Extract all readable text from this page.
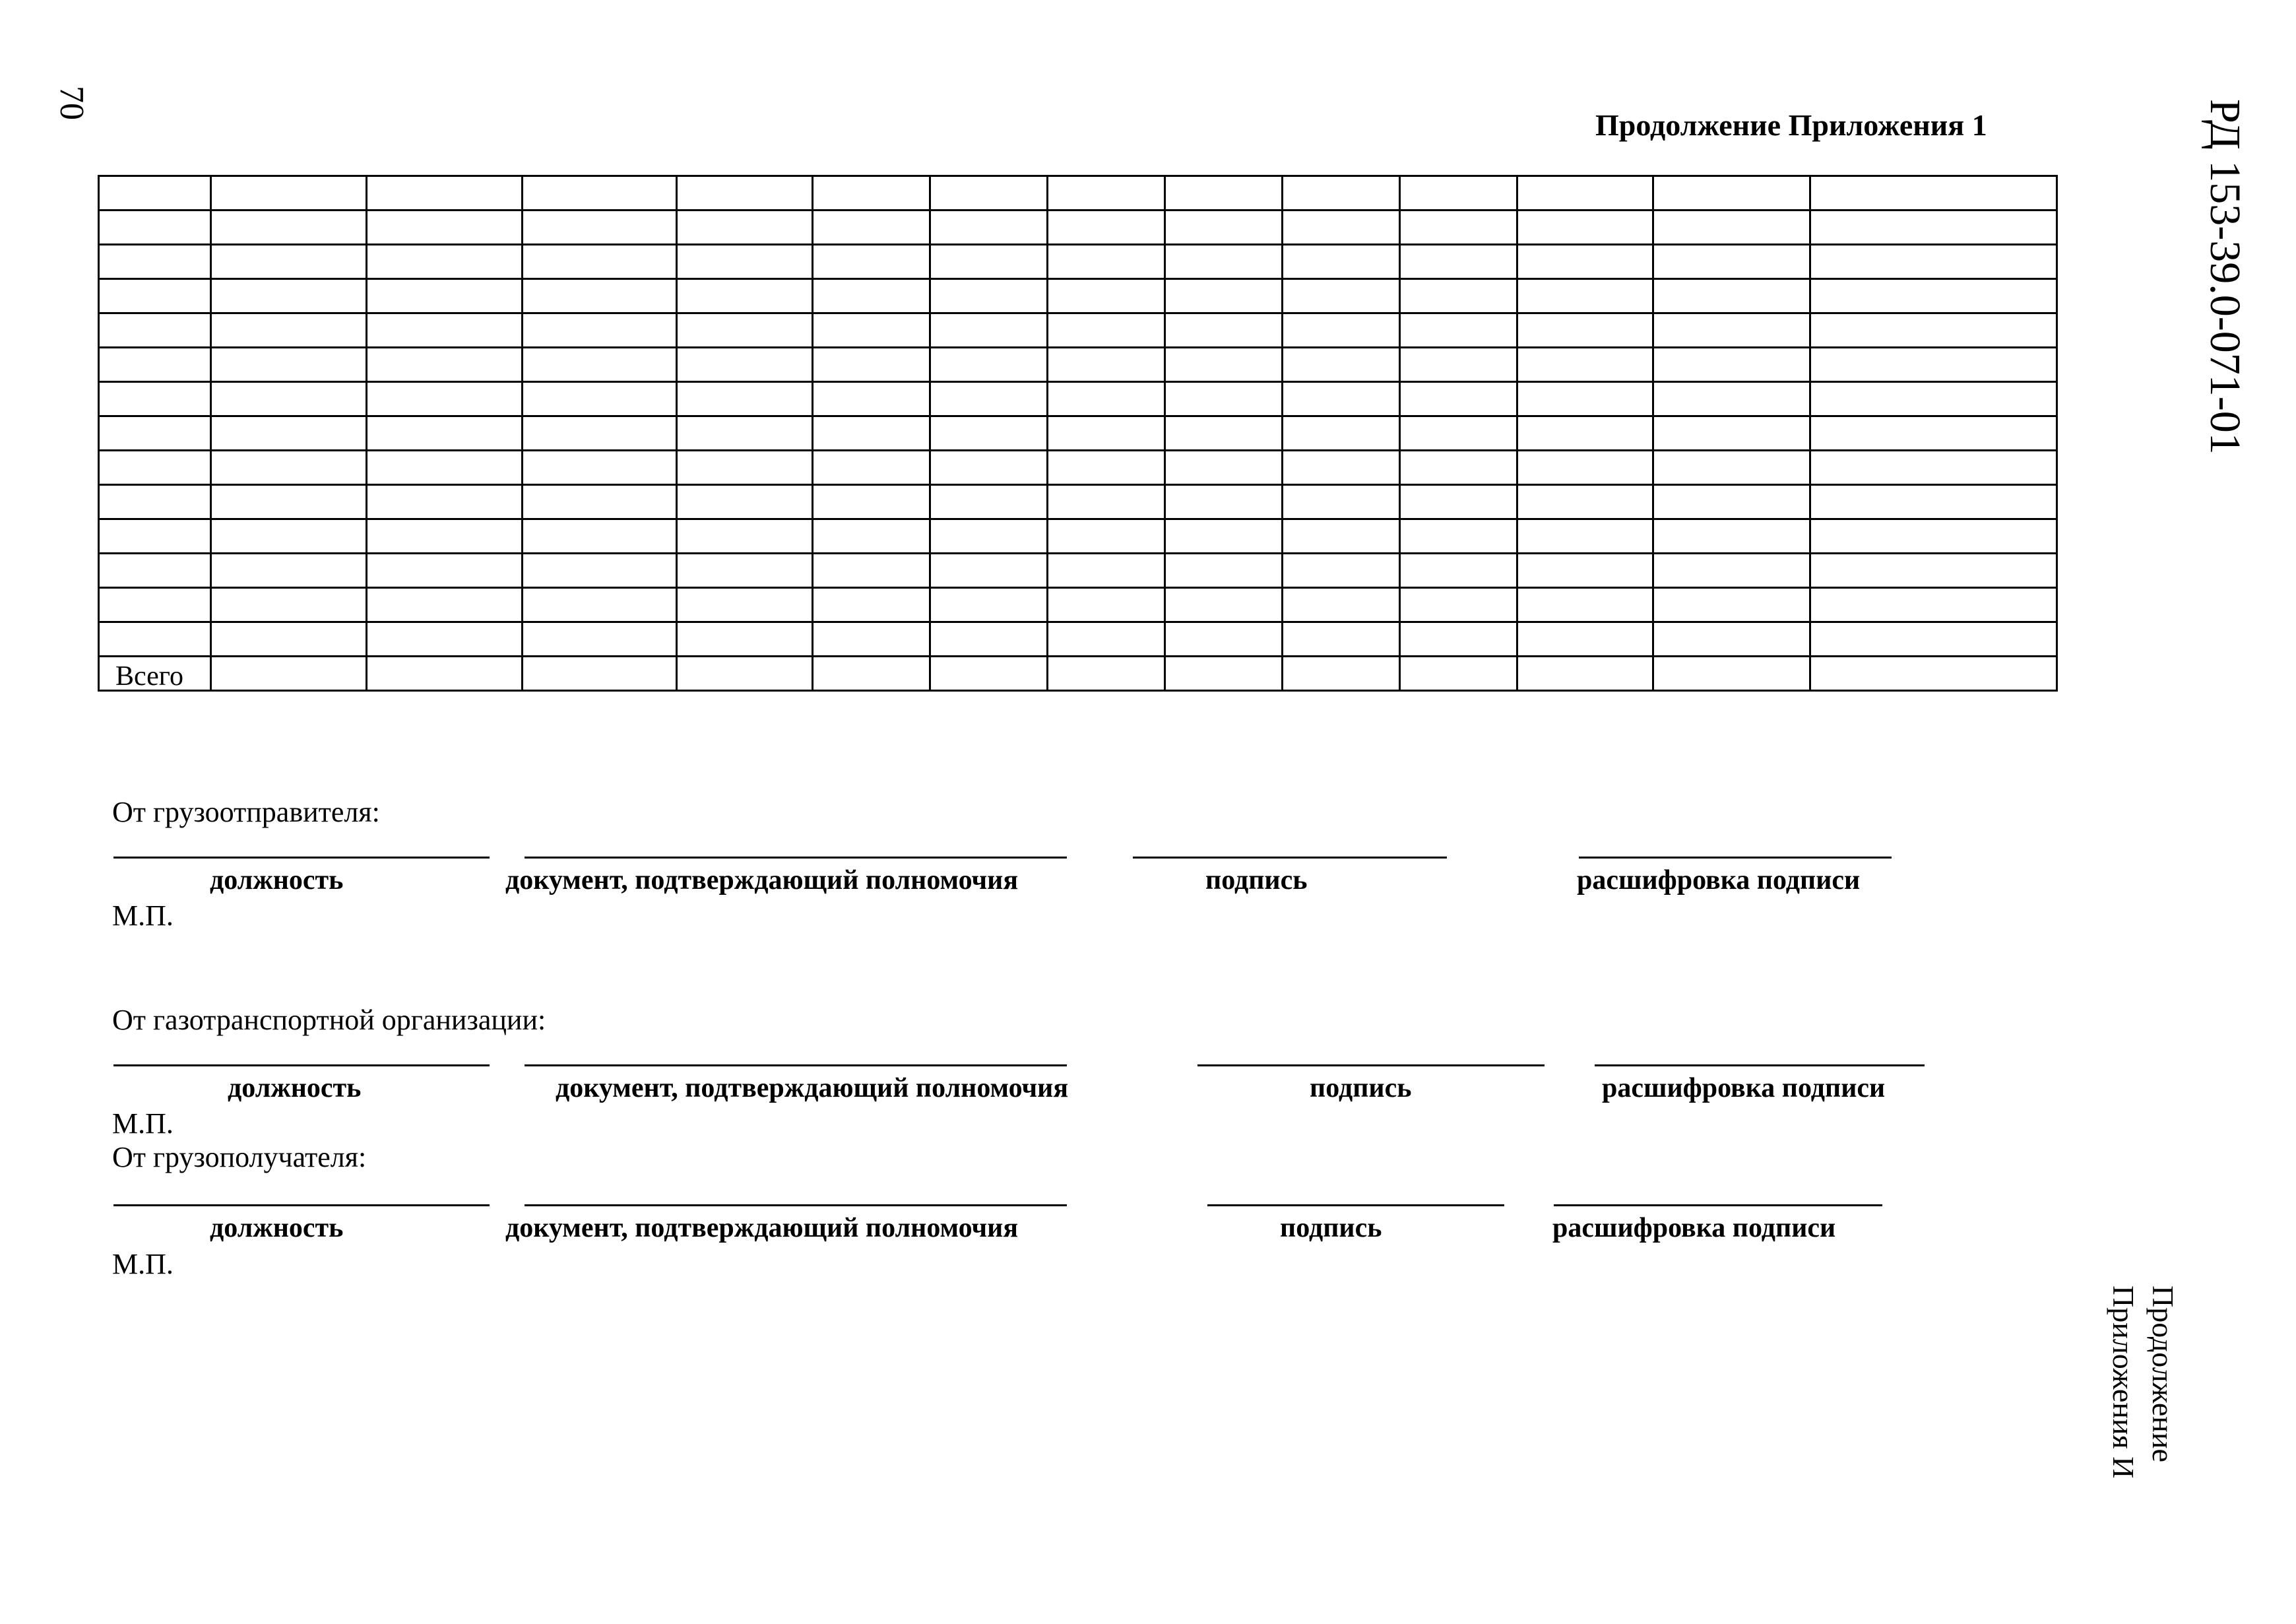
70	РД 153-39.0-071-01
Продолжение Приложения 1
Продолжение
Приложения И

Всего													
От грузоотправителя:
должность	документ, подтверждающий полномочия	подпись	расшифровка подписи
М.П.
От газотранспортной организации:
должность	документ, подтверждающий полномочия	подпись	расшифровка подписи
М.П.
От грузополучателя:
должность	документ, подтверждающий полномочия	подпись	расшифровка подписи
М.П.
